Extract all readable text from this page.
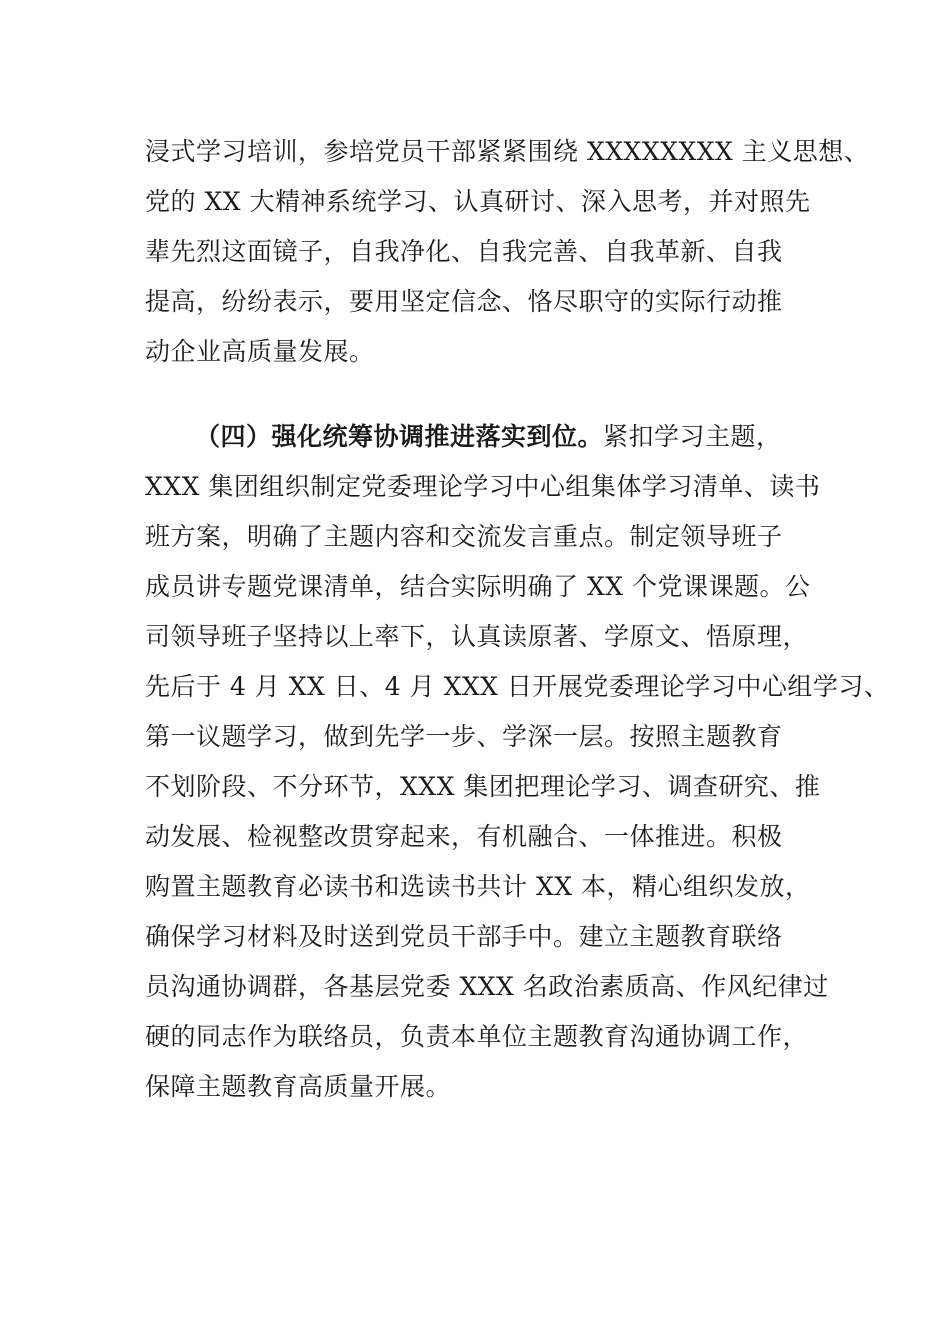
浸式学习培训，参培党员干部紧紧围绕 XXXXXXXX 主义思想、
党的 XX 大精神系统学习、认真研讨、深入思考，并对照先
辈先烈这面镜子，自我净化、自我完善、自我革新、自我
提高，纷纷表示，要用坚定信念、恪尽职守的实际行动推
动企业高质量发展。
（四）强化统筹协调推进落实到位。紧扣学习主题，
XXX 集团组织制定党委理论学习中心组集体学习清单、读书
班方案，明确了主题内容和交流发言重点。制定领导班子
成员讲专题党课清单，结合实际明确了 XX 个党课课题。公
司领导班子坚持以上率下，认真读原著、学原文、悟原理，
先后于 4 月 XX 日、4 月 XXX 日开展党委理论学习中心组学习、
第一议题学习，做到先学一步、学深一层。按照主题教育
不划阶段、不分环节，XXX 集团把理论学习、调查研究、推
动发展、检视整改贯穿起来，有机融合、一体推进。积极
购置主题教育必读书和选读书共计 XX 本，精心组织发放，
确保学习材料及时送到党员干部手中。建立主题教育联络
员沟通协调群，各基层党委 XXX 名政治素质高、作风纪律过
硬的同志作为联络员，负责本单位主题教育沟通协调工作，
保障主题教育高质量开展。
